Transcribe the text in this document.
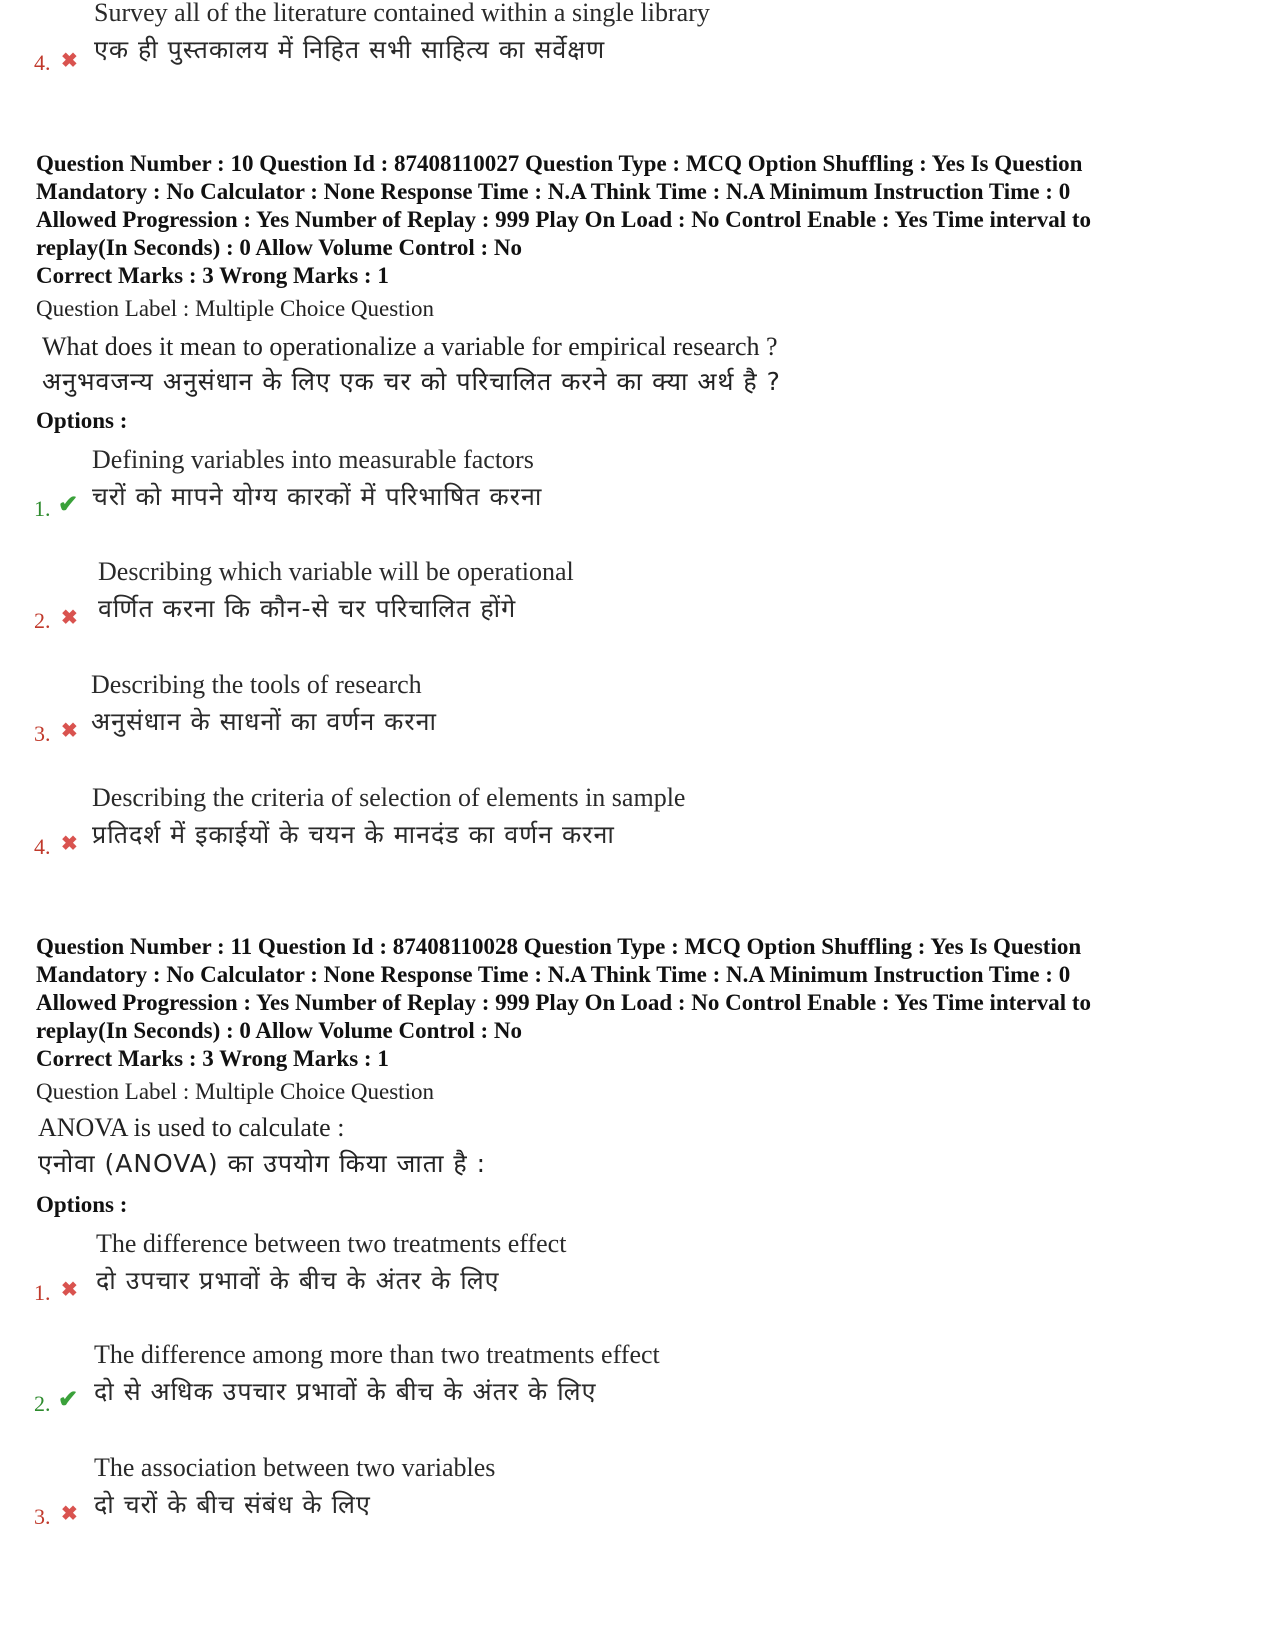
Survey all of the literature contained within a single library
एक ही पुस्तकालय में निहित सभी साहित्य का सर्वेक्षण
4. ✖
Question Number : 10 Question Id : 87408110027 Question Type : MCQ Option Shuffling : Yes Is Question
Mandatory : No Calculator : None Response Time : N.A Think Time : N.A Minimum Instruction Time : 0
Allowed Progression : Yes Number of Replay : 999 Play On Load : No Control Enable : Yes Time interval to
replay(In Seconds) : 0 Allow Volume Control : No
Correct Marks : 3 Wrong Marks : 1
Question Label : Multiple Choice Question
What does it mean to operationalize a variable for empirical research ?
अनुभवजन्य अनुसंधान के लिए एक चर को परिचालित करने का क्या अर्थ है ?
Options :
Defining variables into measurable factors
चरों को मापने योग्य कारकों में परिभाषित करना
1. ✔
Describing which variable will be operational
वर्णित करना कि कौन-से चर परिचालित होंगे
2. ✖
Describing the tools of research
अनुसंधान के साधनों का वर्णन करना
3. ✖
Describing the criteria of selection of elements in sample
प्रतिदर्श में इकाईयों के चयन के मानदंड का वर्णन करना
4. ✖
Question Number : 11 Question Id : 87408110028 Question Type : MCQ Option Shuffling : Yes Is Question
Mandatory : No Calculator : None Response Time : N.A Think Time : N.A Minimum Instruction Time : 0
Allowed Progression : Yes Number of Replay : 999 Play On Load : No Control Enable : Yes Time interval to
replay(In Seconds) : 0 Allow Volume Control : No
Correct Marks : 3 Wrong Marks : 1
Question Label : Multiple Choice Question
ANOVA is used to calculate :
एनोवा (ANOVA) का उपयोग किया जाता है :
Options :
The difference between two treatments effect
दो उपचार प्रभावों के बीच के अंतर के लिए
1. ✖
The difference among more than two treatments effect
दो से अधिक उपचार प्रभावों के बीच के अंतर के लिए
2. ✔
The association between two variables
दो चरों के बीच संबंध के लिए
3. ✖
